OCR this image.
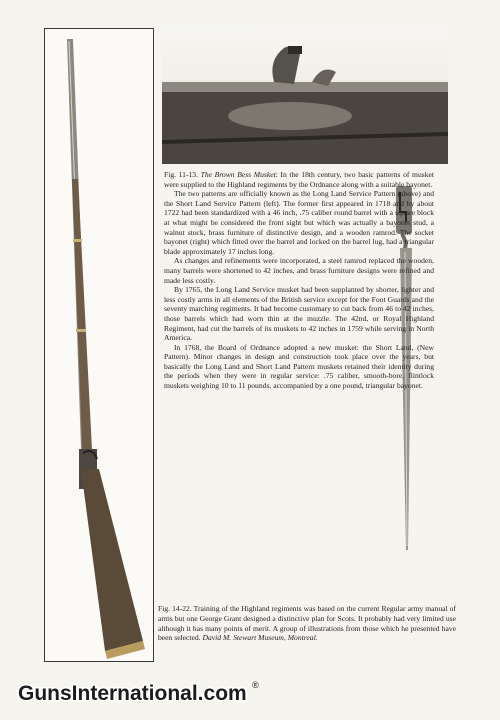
Fig. 11-13. The Brown Bess Musket: In the 18th century, two basic patterns of musket were supplied to the Highland regiments by the Ordnance along with a suitable bayonet.

The two patterns are officially known as the Long Land Service Pattern (above) and the Short Land Service Pattern (left). The former first appeared in 1718 and by about 1722 had been standardized with a 46 inch, .75 caliber round barrel with a square block at what might be considered the front sight but which was actually a bayonet stud, a walnut stock, brass furniture of distinctive design, and a wooden ramrod. The socket bayonet (right) which fitted over the barrel and locked on the barrel lug, had a triangular blade approximately 17 inches long.

As changes and refinements were incorporated, a steel ramrod replaced the wooden, many barrels were shortened to 42 inches, and brass furniture designs were refined and made less costly.

By 1765, the Long Land Service musket had been supplanted by shorter, lighter and less costly arms in all elements of the British service except for the Foot Guards and the seventy marching regiments. It had become customary to cut back from 46 to 42 inches, those barrels which had worn thin at the muzzle. The 42nd, or Royal Highland Regiment, had cut the barrels of its muskets to 42 inches in 1759 while serving in North America.

In 1768, the Board of Ordnance adopted a new musket: the Short Land, (New Pattern). Minor changes in design and construction took place over the years, but basically the Long Land and Short Land Pattern muskets retained their identity during the periods when they were in regular service: .75 caliber, smooth-bore, flintlock muskets weighing 10 to 11 pounds, accompanied by a one pound, triangular bayonet.

Fig. 14-22. Training of the Highland regiments was based on the current Regular army manual of arms but one George Grant designed a distinctive plan for Scots. It probably had very limited use although it has many points of merit. A group of illustrations from those which he presented have been selected. David M. Stewart Museum, Montreal.
GunsInternational.com ®
